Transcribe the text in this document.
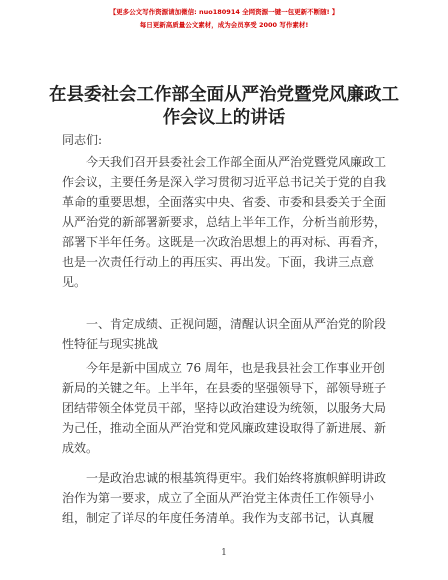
【更多公文写作资源请加微信: nuo180914 全网资源一键一包更新不断随! 】
每日更新高质量公文素材，成为会员享受 2000 写作素材!
在县委社会工作部全面从严治党暨党风廉政工
作会议上的讲话
同志们:
今天我们召开县委社会工作部全面从严治党暨党风廉政工
作会议，主要任务是深入学习贯彻习近平总书记关于党的自我
革命的重要思想，全面落实中央、省委、市委和县委关于全面
从严治党的新部署新要求，总结上半年工作，分析当前形势，
部署下半年任务。这既是一次政治思想上的再对标、再看齐，
也是一次责任行动上的再压实、再出发。下面，我讲三点意
见。
一、肯定成绩、正视问题，清醒认识全面从严治党的阶段
性特征与现实挑战
今年是新中国成立 76 周年，也是我县社会工作事业开创
新局的关键之年。上半年，在县委的坚强领导下，部领导班子
团结带领全体党员干部，坚持以政治建设为统领，以服务大局
为己任，推动全面从严治党和党风廉政建设取得了新进展、新
成效。
一是政治忠诚的根基筑得更牢。我们始终将旗帜鲜明讲政
治作为第一要求，成立了全面从严治党主体责任工作领导小
组，制定了详尽的年度任务清单。我作为支部书记，认真履
1
